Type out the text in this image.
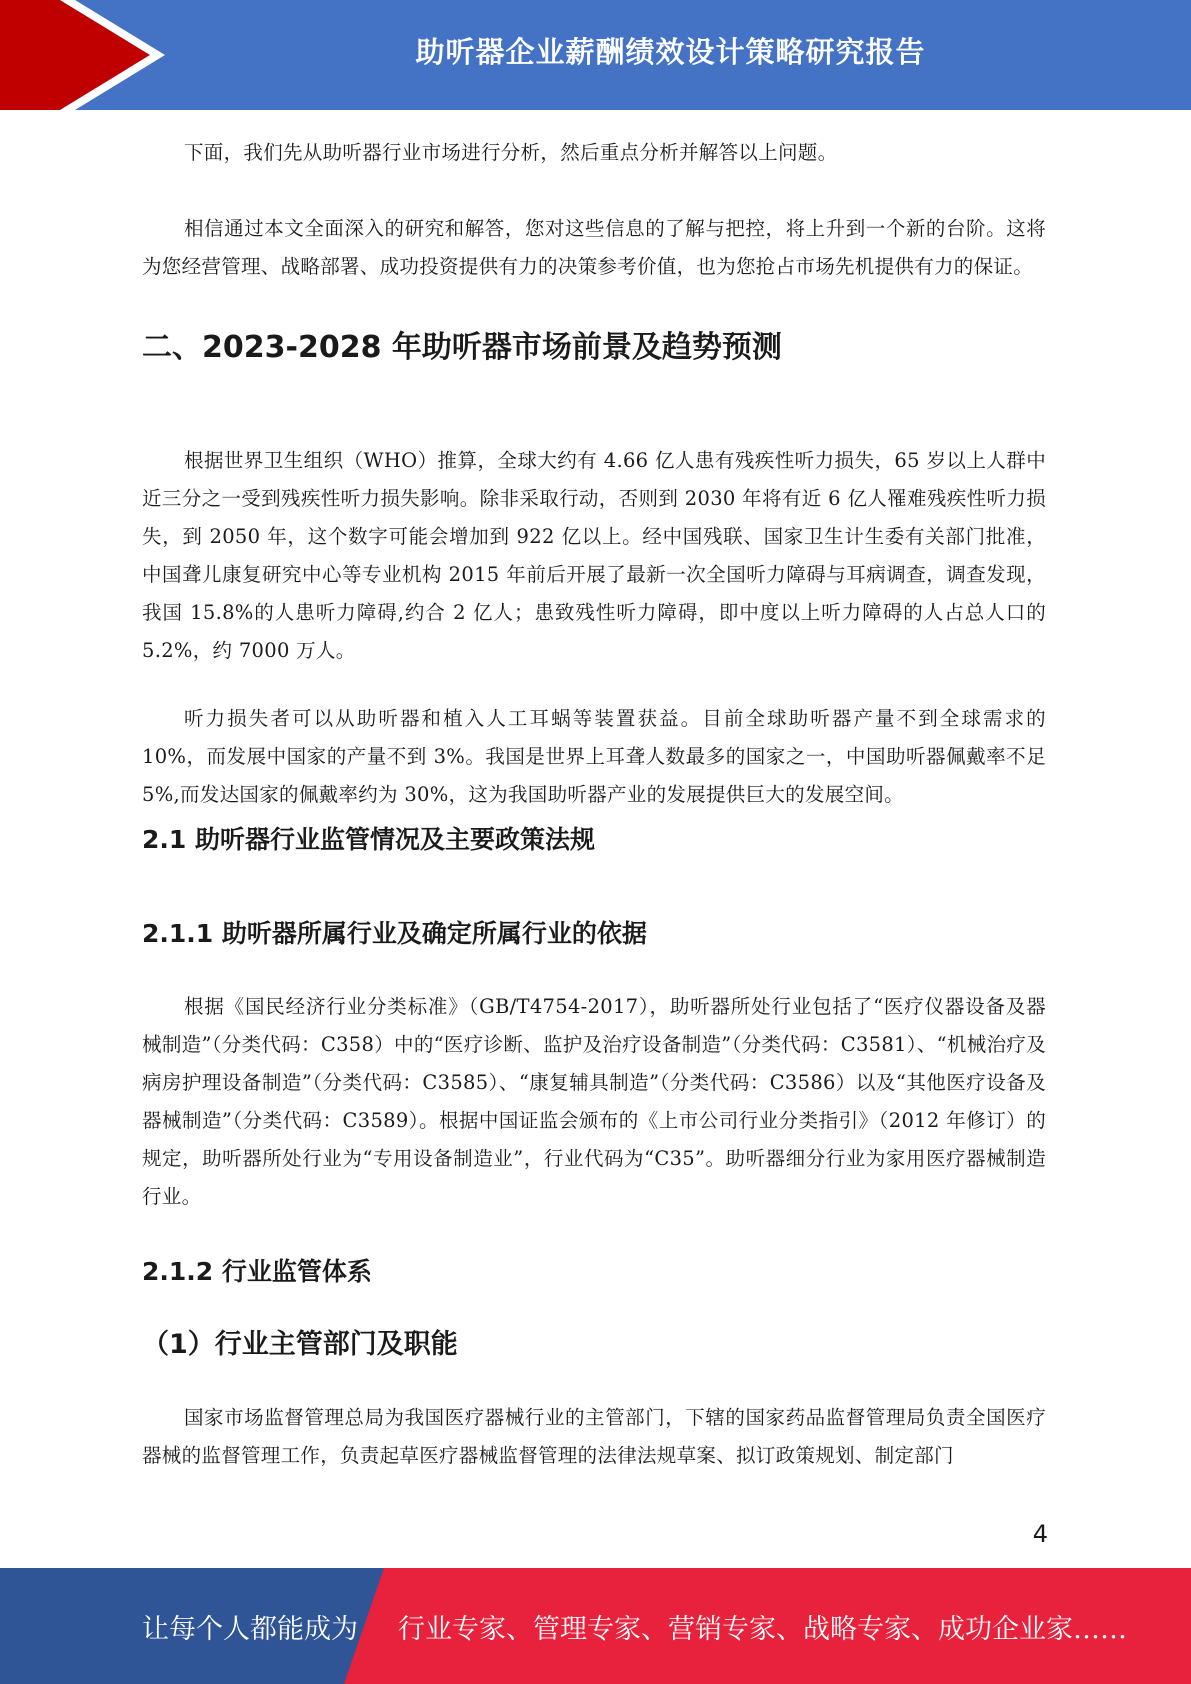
助听器企业薪酬绩效设计策略研究报告

下面，我们先从助听器行业市场进行分析，然后重点分析并解答以上问题。

相信通过本文全面深入的研究和解答，您对这些信息的了解与把控，将上升到一个新的台阶。这将为您经营管理、战略部署、成功投资提供有力的决策参考价值，也为您抢占市场先机提供有力的保证。

二、2023-2028 年助听器市场前景及趋势预测

根据世界卫生组织（WHO）推算，全球大约有 4.66 亿人患有残疾性听力损失，65 岁以上人群中近三分之一受到残疾性听力损失影响。除非采取行动，否则到 2030 年将有近 6 亿人罹难残疾性听力损失，到 2050 年，这个数字可能会增加到 922 亿以上。经中国残联、国家卫生计生委有关部门批准，中国聋儿康复研究中心等专业机构 2015 年前后开展了最新一次全国听力障碍与耳病调查，调查发现，我国 15.8%的人患听力障碍,约合 2 亿人；患致残性听力障碍，即中度以上听力障碍的人占总人口的 5.2%，约 7000 万人。

听力损失者可以从助听器和植入人工耳蜗等装置获益。目前全球助听器产量不到全球需求的 10%，而发展中国家的产量不到 3%。我国是世界上耳聋人数最多的国家之一，中国助听器佩戴率不足 5%,而发达国家的佩戴率约为 30%，这为我国助听器产业的发展提供巨大的发展空间。

2.1 助听器行业监管情况及主要政策法规
2.1.1 助听器所属行业及确定所属行业的依据

根据《国民经济行业分类标准》（GB/T4754-2017），助听器所处行业包括了“医疗仪器设备及器械制造”（分类代码：C358）中的“医疗诊断、监护及治疗设备制造”（分类代码：C3581）、“机械治疗及病房护理设备制造”（分类代码：C3585）、“康复辅具制造”（分类代码：C3586）以及“其他医疗设备及器械制造”（分类代码：C3589）。根据中国证监会颁布的《上市公司行业分类指引》（2012 年修订）的规定，助听器所处行业为“专用设备制造业”，行业代码为“C35”。助听器细分行业为家用医疗器械制造行业。

2.1.2 行业监管体系
（1）行业主管部门及职能

国家市场监督管理总局为我国医疗器械行业的主管部门，下辖的国家药品监督管理局负责全国医疗器械的监督管理工作，负责起草医疗器械监督管理的法律法规草案、拟订政策规划、制定部门

4
让每个人都能成为 行业专家、管理专家、营销专家、战略专家、成功企业家……
